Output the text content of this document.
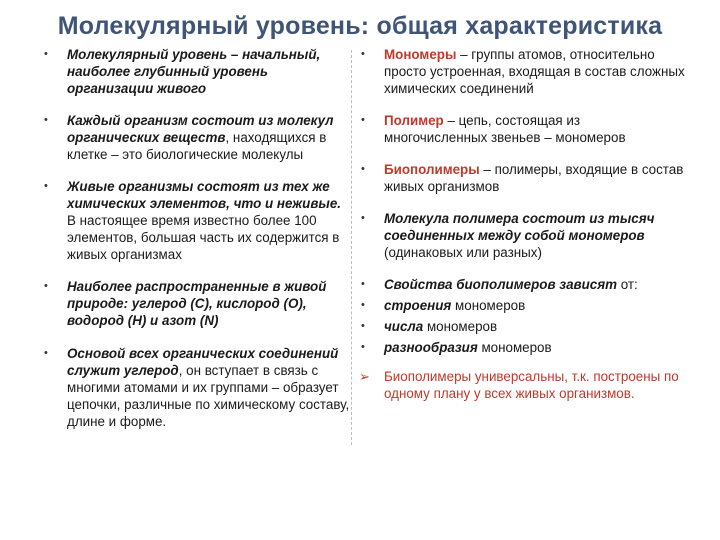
Молекулярный уровень: общая характеристика
• Молекулярный уровень – начальный, наиболее глубинный уровень организации живого
• Каждый организм состоит из молекул органических веществ, находящихся в клетке – это биологические молекулы
• Живые организмы состоят из тех же химических элементов, что и неживые. В настоящее время известно более 100 элементов, большая часть их содержится в живых организмах
• Наиболее распространенные в живой природе: углерод (С), кислород (О), водород (Н) и азот (N)
• Основой всех органических соединений служит углерод, он вступает в связь с многими атомами и их группами – образует цепочки, различные по химическому составу, длине и форме.
• Мономеры – группы атомов, относительно просто устроенная, входящая в состав сложных химических соединений
• Полимер – цепь, состоящая из многочисленных звеньев – мономеров
• Биополимеры – полимеры, входящие в состав живых организмов
• Молекула полимера состоит из тысяч соединенных между собой мономеров (одинаковых или разных)
• Свойства биополимеров зависят от:
• строения мономеров
• числа мономеров
• разнообразия мономеров
➢ Биополимеры универсальны, т.к. построены по одному плану у всех живых организмов.
